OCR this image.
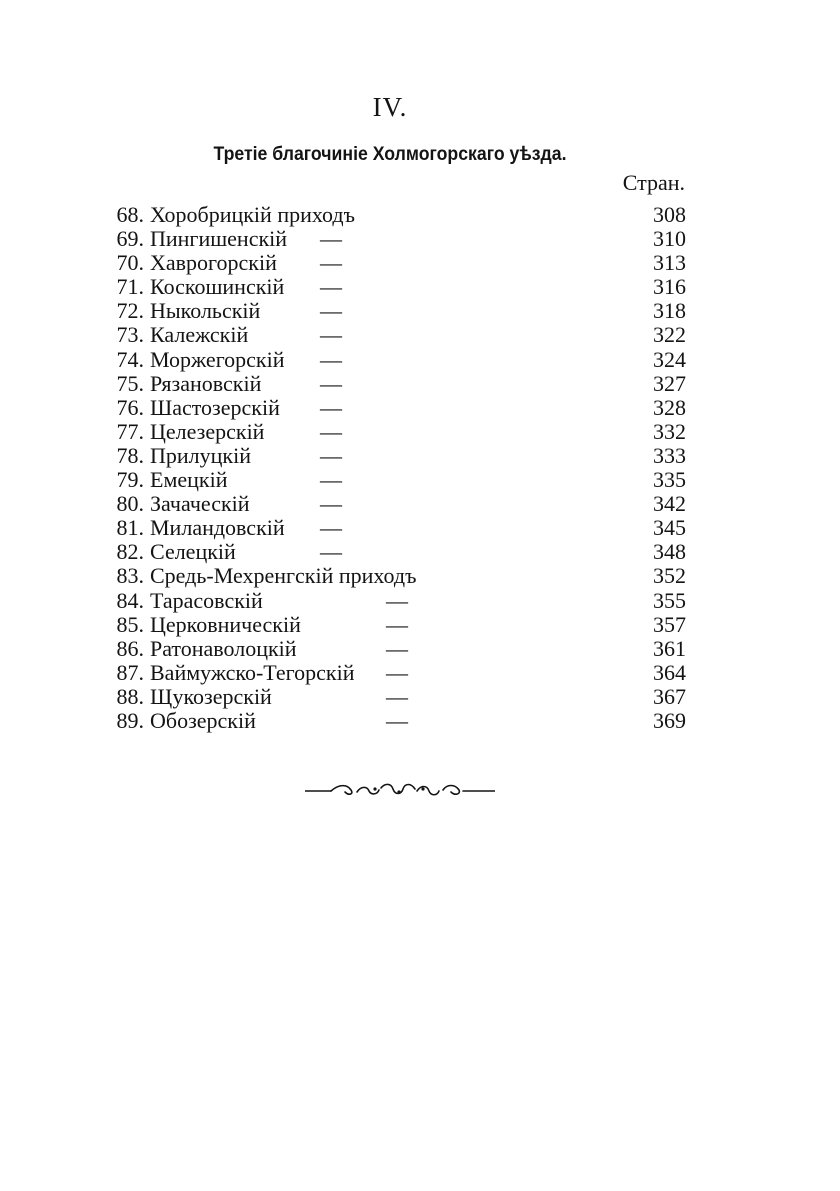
IV.
Третіе благочиніе Холмогорскаго уѣзда.
Стран.
68. Хоробрицкій приходъ	308
69. Пингишенскій —	310
70. Хаврогорскій —	313
71. Коскошинскій —	316
72. Ныкольскій	—	318
73. Калежскій	—	322
74. Моржегорскій —	324
75. Рязановскій	—	327
76. Шастозерскій —	328
77. Целезерскій	—	332
78. Прилуцкій	—	333
79. Емецкій	—	335
80. Зачаческій	—	342
81. Миландовскій —	345
82. Селецкій	—	348
83. Средь-Мехренгскій приходъ	352
84. Тарасовскій	—	355
85. Церковническій	—	357
86. Ратонаволоцкій	—	361
87. Ваймужско-Тегорскій —	364
88. Щукозерскій	—	367
89. Обозерскій	—	369
